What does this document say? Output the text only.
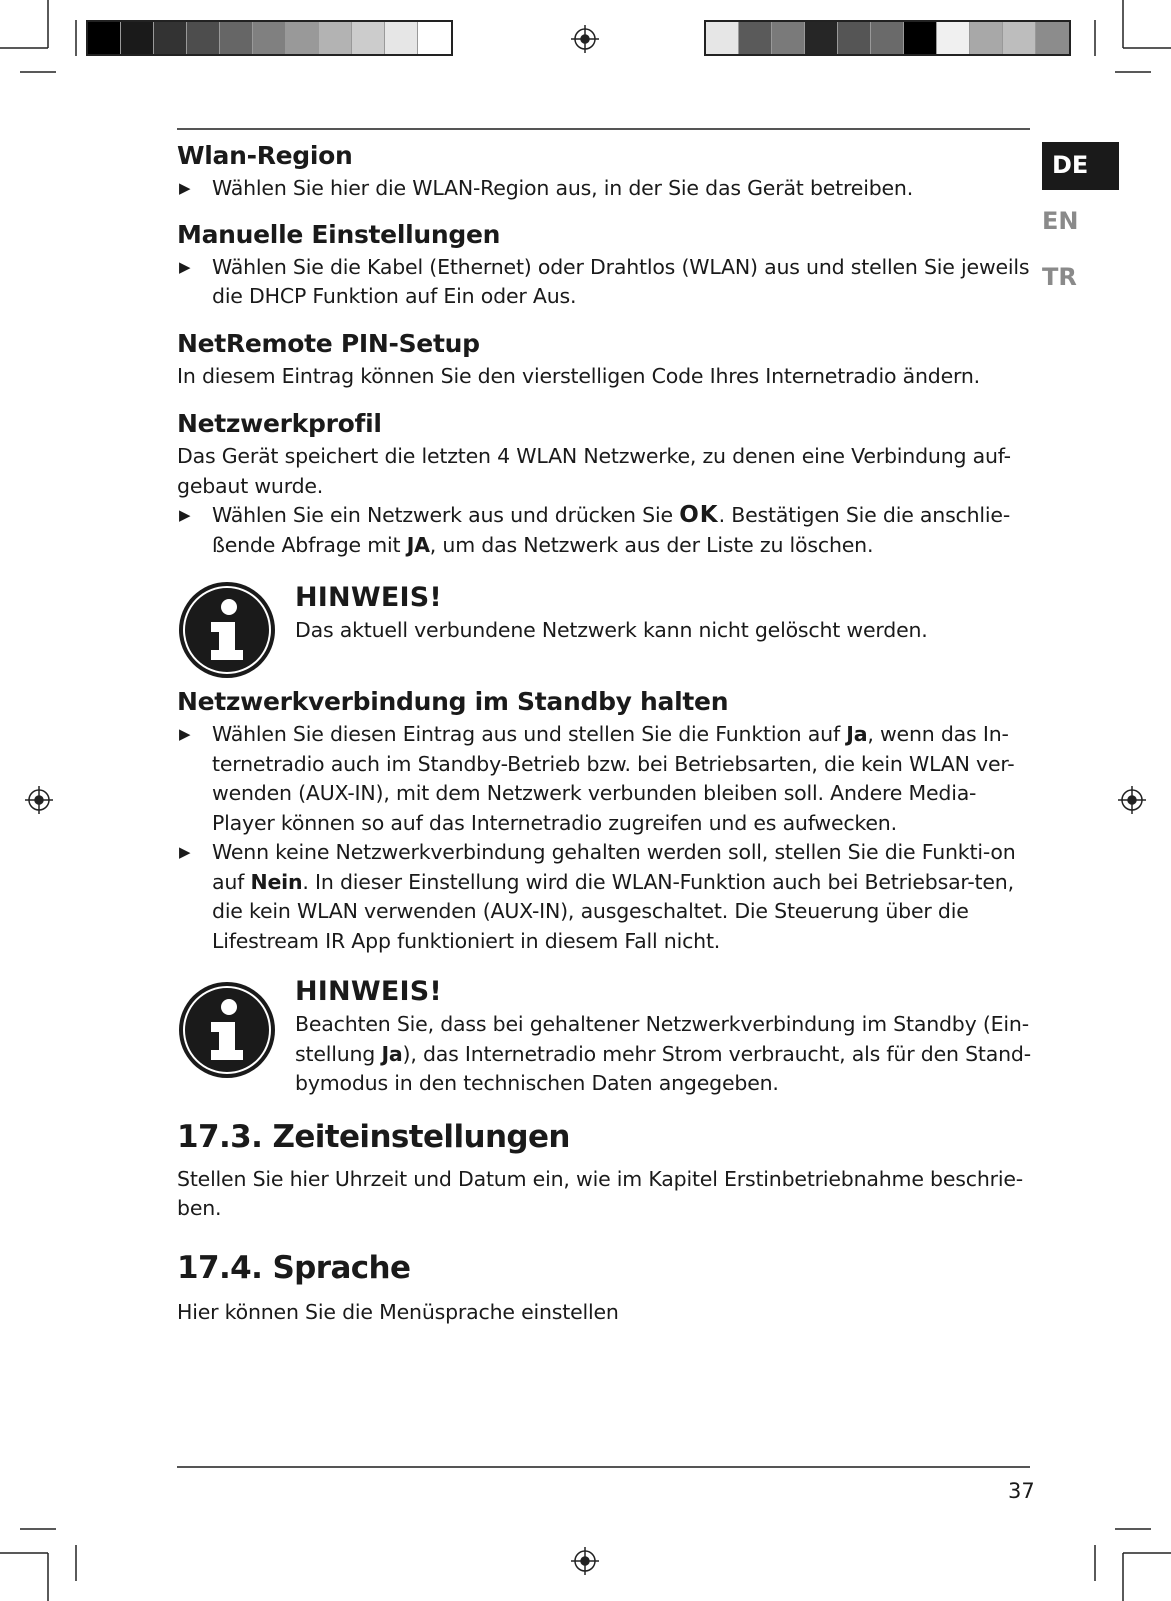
DE
EN
TR
Wlan-Region
▶ Wählen Sie hier die WLAN-Region aus, in der Sie das Gerät betreiben.
Manuelle Einstellungen
▶ Wählen Sie die Kabel (Ethernet) oder Drahtlos (WLAN) aus und stellen Sie jeweils die DHCP Funktion auf Ein oder Aus.
NetRemote PIN-Setup

In diesem Eintrag können Sie den vierstelligen Code Ihres Internetradio ändern.

Netzwerkprofil

Das Gerät speichert die letzten 4 WLAN Netzwerke, zu denen eine Verbindung auf-gebaut wurde.

▶ Wählen Sie ein Netzwerk aus und drücken Sie OK. Bestätigen Sie die anschlie-ßende Abfrage mit JA, um das Netzwerk aus der Liste zu löschen.
HINWEIS!

Das aktuell verbundene Netzwerk kann nicht gelöscht werden.

Netzwerkverbindung im Standby halten
▶ Wählen Sie diesen Eintrag aus und stellen Sie die Funktion auf Ja, wenn das In-ternetradio auch im Standby-Betrieb bzw. bei Betriebsarten, die kein WLAN ver-wenden (AUX-IN), mit dem Netzwerk verbunden bleiben soll. Andere Media-Player können so auf das Internetradio zugreifen und es aufwecken.
▶ Wenn keine Netzwerkverbindung gehalten werden soll, stellen Sie die Funkti-on auf Nein. In dieser Einstellung wird die WLAN-Funktion auch bei Betriebsar-ten, die kein WLAN verwenden (AUX-IN), ausgeschaltet. Die Steuerung über die Lifestream IR App funktioniert in diesem Fall nicht.
HINWEIS!

Beachten Sie, dass bei gehaltener Netzwerkverbindung im Standby (Ein-stellung Ja), das Internetradio mehr Strom verbraucht, als für den Stand-bymodus in den technischen Daten angegeben.

17.3. Zeiteinstellungen

Stellen Sie hier Uhrzeit und Datum ein, wie im Kapitel Erstinbetriebnahme beschrie-ben.

17.4. Sprache

Hier können Sie die Menüsprache einstellen

37
